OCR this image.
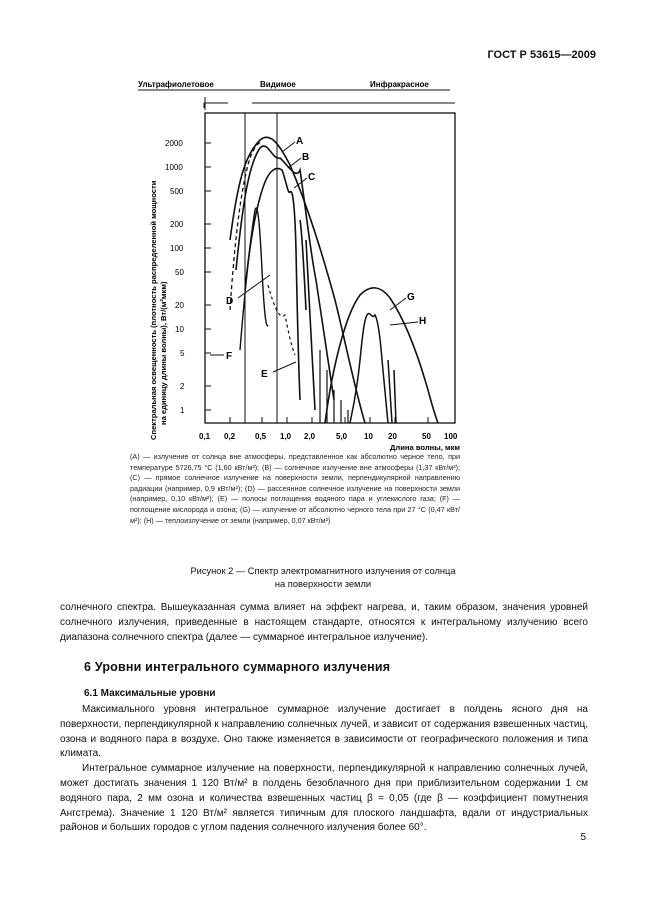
ГОСТ Р 53615—2009
Ультрафиолетовое	Видимое	Инфракрасное
1
2
5
10
20
50
100
200
500
1000
2000
Спектральная освещенность (плотность распределенной мощности на единицу длины волны), Вт/(м²мкм)
0,1 0,2 0,5 1,0 2,0	5,0 10 20	50 100
Длина волны, мкм
A
B
C
D
E
F
G
H

(A) — излучение от солнца вне атмосферы, представленное как абсолютно черное тело, при температуре 5726,75 °С (1,60 кВт/м²); (B) — солнечное излучение вне атмосферы (1,37 кВт/м²); (C) — прямое солнечное излучение на поверхности земли, перпендикулярной направлению радиации (например, 0,9 кВт/м²); (D) — рассеянное солнечное излучение на поверхности земли (например, 0,10 кВт/м²); (E) — полосы поглощения водяного пара и углекислого газа; (F) — поглощение кислорода и озона; (G) — излучение от абсолютно черного тела при 27 °С (0,47 кВт/м²); (H) — теплоизлучение от земли (например, 0,07 кВт/м²)

Рисунок 2 — Спектр электромагнитного излучения от солнца

на поверхности земли

солнечного спектра. Вышеуказанная сумма влияет на эффект нагрева, и, таким образом, значения уровней солнечного излучения, приведенные в настоящем стандарте, относятся к интегральному излучению всего диапазона солнечного спектра (далее — суммарное интегральное излучение).

6 Уровни интегрального суммарного излучения
6.1 Максимальные уровни

Максимального уровня интегральное суммарное излучение достигает в полдень ясного дня на поверхности, перпендикулярной к направлению солнечных лучей, и зависит от содержания взвешенных частиц, озона и водяного пара в воздухе. Оно также изменяется в зависимости от географического положения и типа климата.

Интегральное суммарное излучение на поверхности, перпендикулярной к направлению солнечных лучей, может достигать значения 1 120 Вт/м² в полдень безоблачного дня при приблизительном содержании 1 см водяного пара, 2 мм озона и количества взвешенных частиц β = 0,05 (где β — коэффициент помутнения Ангстрема). Значение 1 120 Вт/м² является типичным для плоского ландшафта, вдали от индустриальных районов и больших городов с углом падения солнечного излучения более 60°.

5
